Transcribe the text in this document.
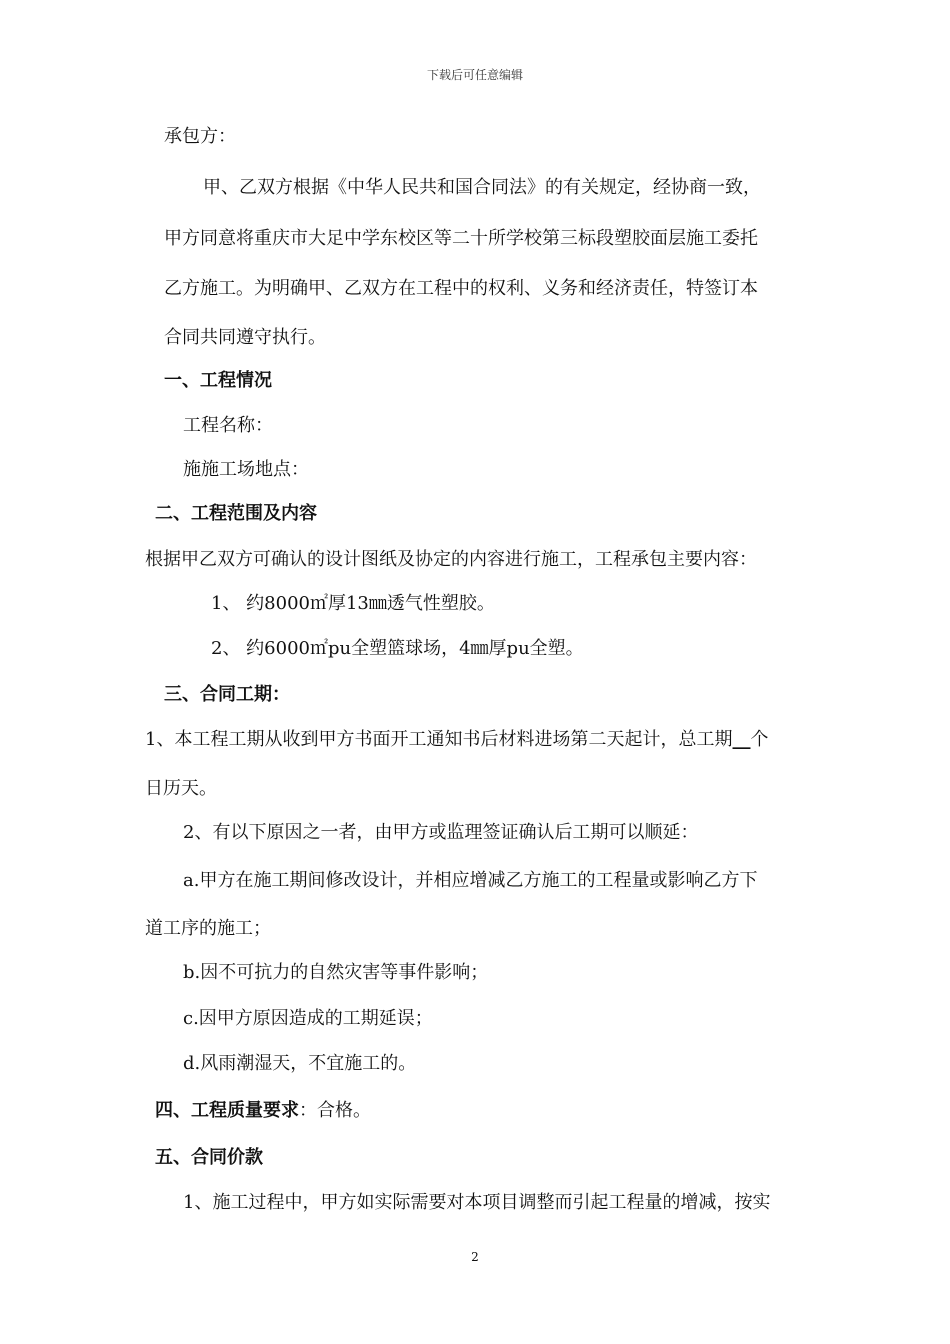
下载后可任意编辑

承包方：

甲、乙双方根据《中华人民共和国合同法》的有关规定，经协商一致，

甲方同意将重庆市大足中学东校区等二十所学校第三标段塑胶面层施工委托

乙方施工。为明确甲、乙双方在工程中的权利、义务和经济责任，特签订本

合同共同遵守执行。

一、工程情况

工程名称：

施施工场地点：

二、工程范围及内容

根据甲乙双方可确认的设计图纸及协定的内容进行施工，工程承包主要内容：

1、 约8000㎡厚13㎜透气性塑胶。

2、 约6000㎡pu全塑篮球场，4㎜厚pu全塑。

三、合同工期：

1、本工程工期从收到甲方书面开工通知书后材料进场第二天起计，总工期__个

日历天。

2、有以下原因之一者，由甲方或监理签证确认后工期可以顺延：

a.甲方在施工期间修改设计，并相应增减乙方施工的工程量或影响乙方下

道工序的施工；

b.因不可抗力的自然灾害等事件影响；

c.因甲方原因造成的工期延误；

d.风雨潮湿天，不宜施工的。

四、工程质量要求：合格。

五、合同价款

1、施工过程中，甲方如实际需要对本项目调整而引起工程量的增减，按实

2
